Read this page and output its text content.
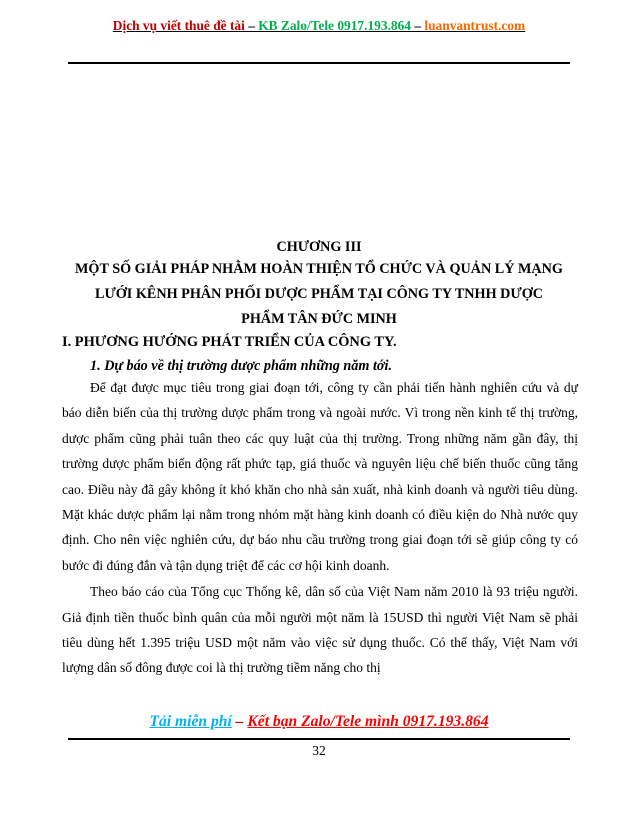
Dịch vụ viết thuê đề tài – KB Zalo/Tele 0917.193.864 – luanvantrust.com
CHƯƠNG III
MỘT SỐ GIẢI PHÁP NHẰM HOÀN THIỆN TỔ CHỨC VÀ QUẢN LÝ MẠNG
LƯỚI KÊNH PHÂN PHỐI DƯỢC PHẨM TẠI CÔNG TY TNHH DƯỢC
PHẨM TÂN ĐỨC MINH
I. PHƯƠNG HƯỚNG PHÁT TRIỂN CỦA CÔNG TY.
1. Dự báo về thị trường dược phẩm những năm tới.

Để đạt được mục tiêu trong giai đoạn tới, công ty cần phải tiến hành nghiên cứu và dự báo diễn biến của thị trường dược phẩm trong và ngoài nước. Vì trong nền kinh tế thị trường, dược phẩm cũng phải tuân theo các quy luật của thị trường. Trong những năm gần đây, thị trường dược phẩm biến động rất phức tạp, giá thuốc và nguyên liệu chế biến thuốc cũng tăng cao. Điều này đã gây không ít khó khăn cho nhà sản xuất, nhà kinh doanh và người tiêu dùng. Mặt khác dược phẩm lại nằm trong nhóm mặt hàng kinh doanh có điều kiện do Nhà nước quy định. Cho nên việc nghiên cứu, dự báo nhu cầu trường trong giai đoạn tới sẽ giúp công ty có bước đi đúng đắn và tận dụng triệt để các cơ hội kinh doanh.

Theo báo cáo của Tổng cục Thống kê, dân số của Việt Nam năm 2010 là 93 triệu người. Giả định tiền thuốc bình quân của mỗi người một năm là 15USD thì người Việt Nam sẽ phải tiêu dùng hết 1.395 triệu USD một năm vào việc sử dụng thuốc. Có thể thấy, Việt Nam với lượng dân số đông được coi là thị trường tiềm năng cho thị

Tải miễn phí – Kết bạn Zalo/Tele mình 0917.193.864
32
